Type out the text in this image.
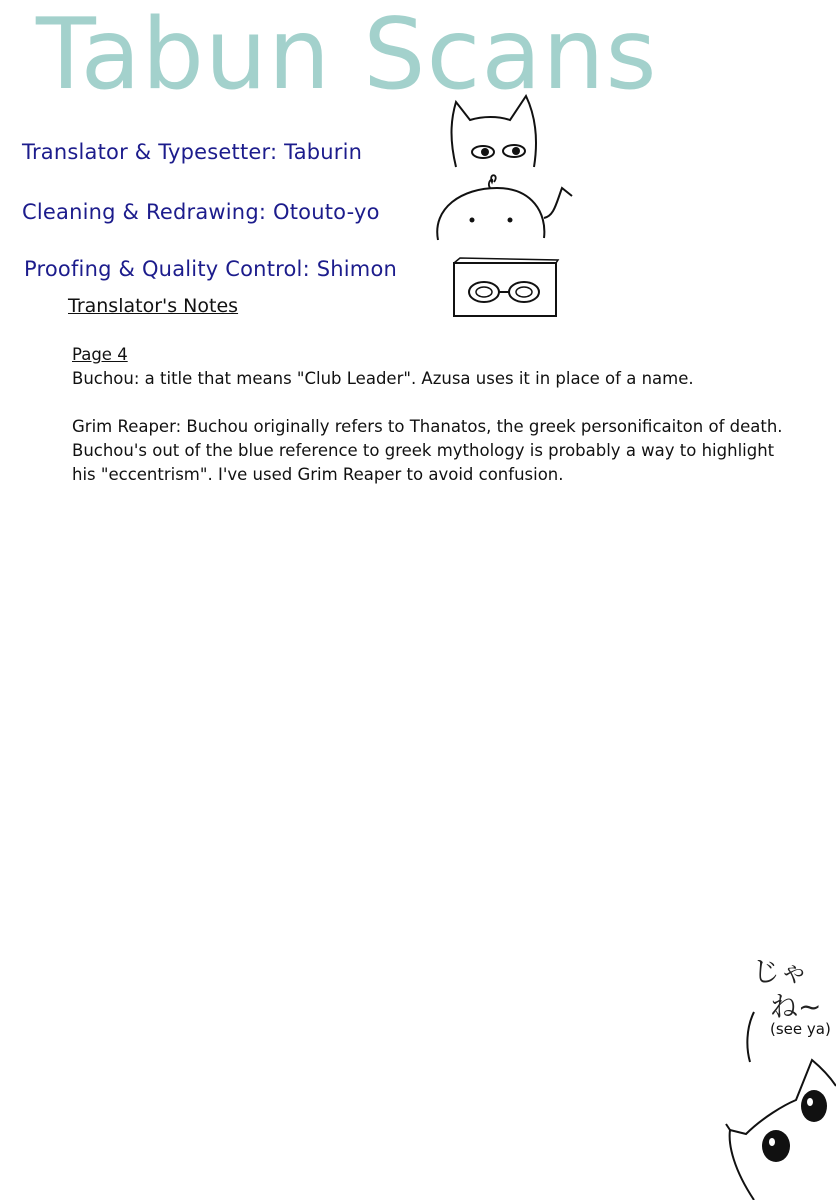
Tabun Scans
Translator & Typesetter: Taburin
Cleaning & Redrawing: Otouto-yo
Proofing & Quality Control: Shimon
Translator's Notes
Page 4
Buchou: a title that means "Club Leader". Azusa uses it in place of a name.
Grim Reaper: Buchou originally refers to Thanatos, the greek personificaiton of death. Buchou's out of the blue reference to greek mythology is probably a way to highlight his "eccentrism". I've used Grim Reaper to avoid confusion.
じゃ
ね~
(see ya)
